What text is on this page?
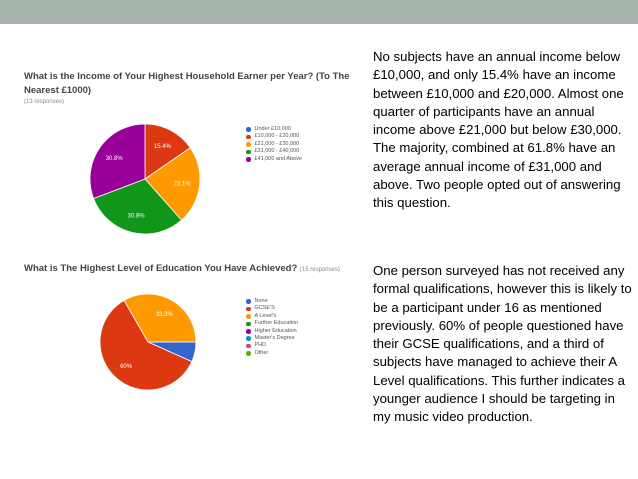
What is the Income of Your Highest Household Earner per Year? (To The Nearest £1000)
(13 responses)
15.4%
23.1%
30.8%
30.8%
Under £10,000
£10,000 - £20,000
£21,000 - £30,000
£31,000 - £40,000
£41,000 and Above
What is The Highest Level of Education You Have Achieved? (15 responses)
60%
33.3%
None
GCSE'S
A Level's
Further Education
Higher Education
Master's Degree
PHD
Other

No subjects have an annual income below £10,000, and only 15.4% have an income between £10,000 and £20,000. Almost one quarter of participants have an annual income above £21,000 but below £30,000. The majority, combined at 61.8% have an average annual income of £31,000 and above. Two people opted out of answering this question.

One person surveyed has not received any formal qualifications, however this is likely to be a participant under 16 as mentioned previously. 60% of people questioned have their GCSE qualifications, and a third of subjects have managed to achieve their A Level qualifications. This further indicates a younger audience I should be targeting in my music video production.
